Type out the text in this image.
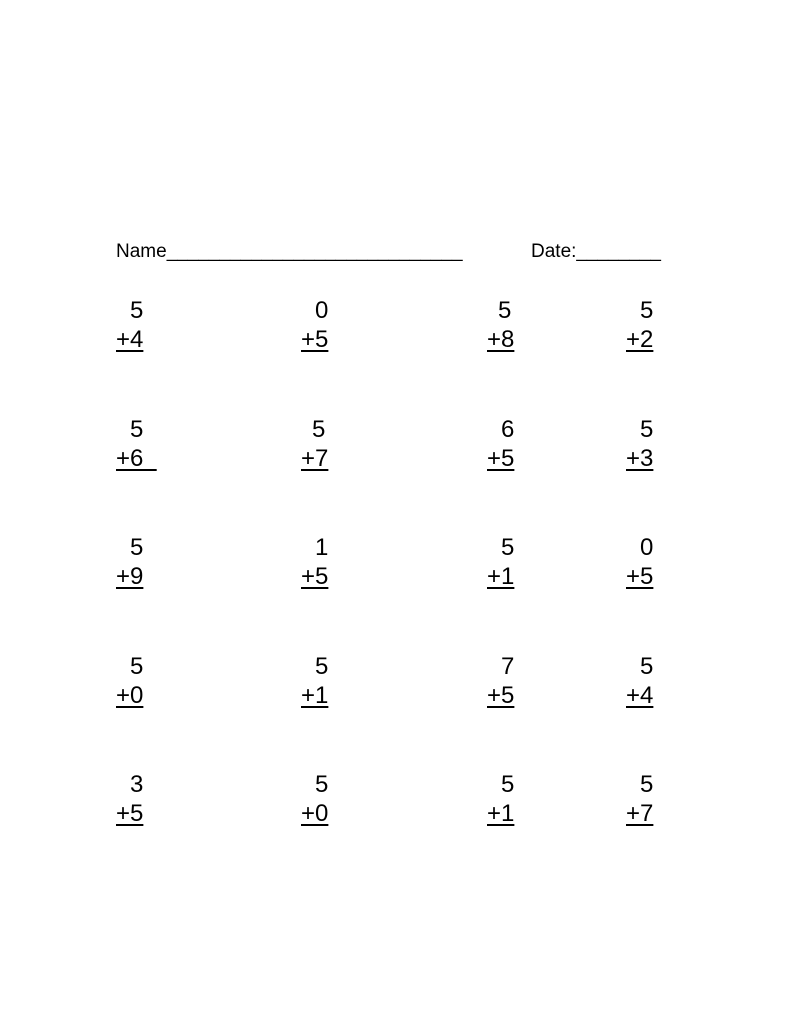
Name____________________________	Date:________
5
+4
0
+5
5
+8
5
+2
5
+6
5
+7
6
+5
5
+3
5
+9
1
+5
5
+1
0
+5
5
+0
5
+1
7
+5
5
+4
3
+5
5
+0
5
+1
5
+7
